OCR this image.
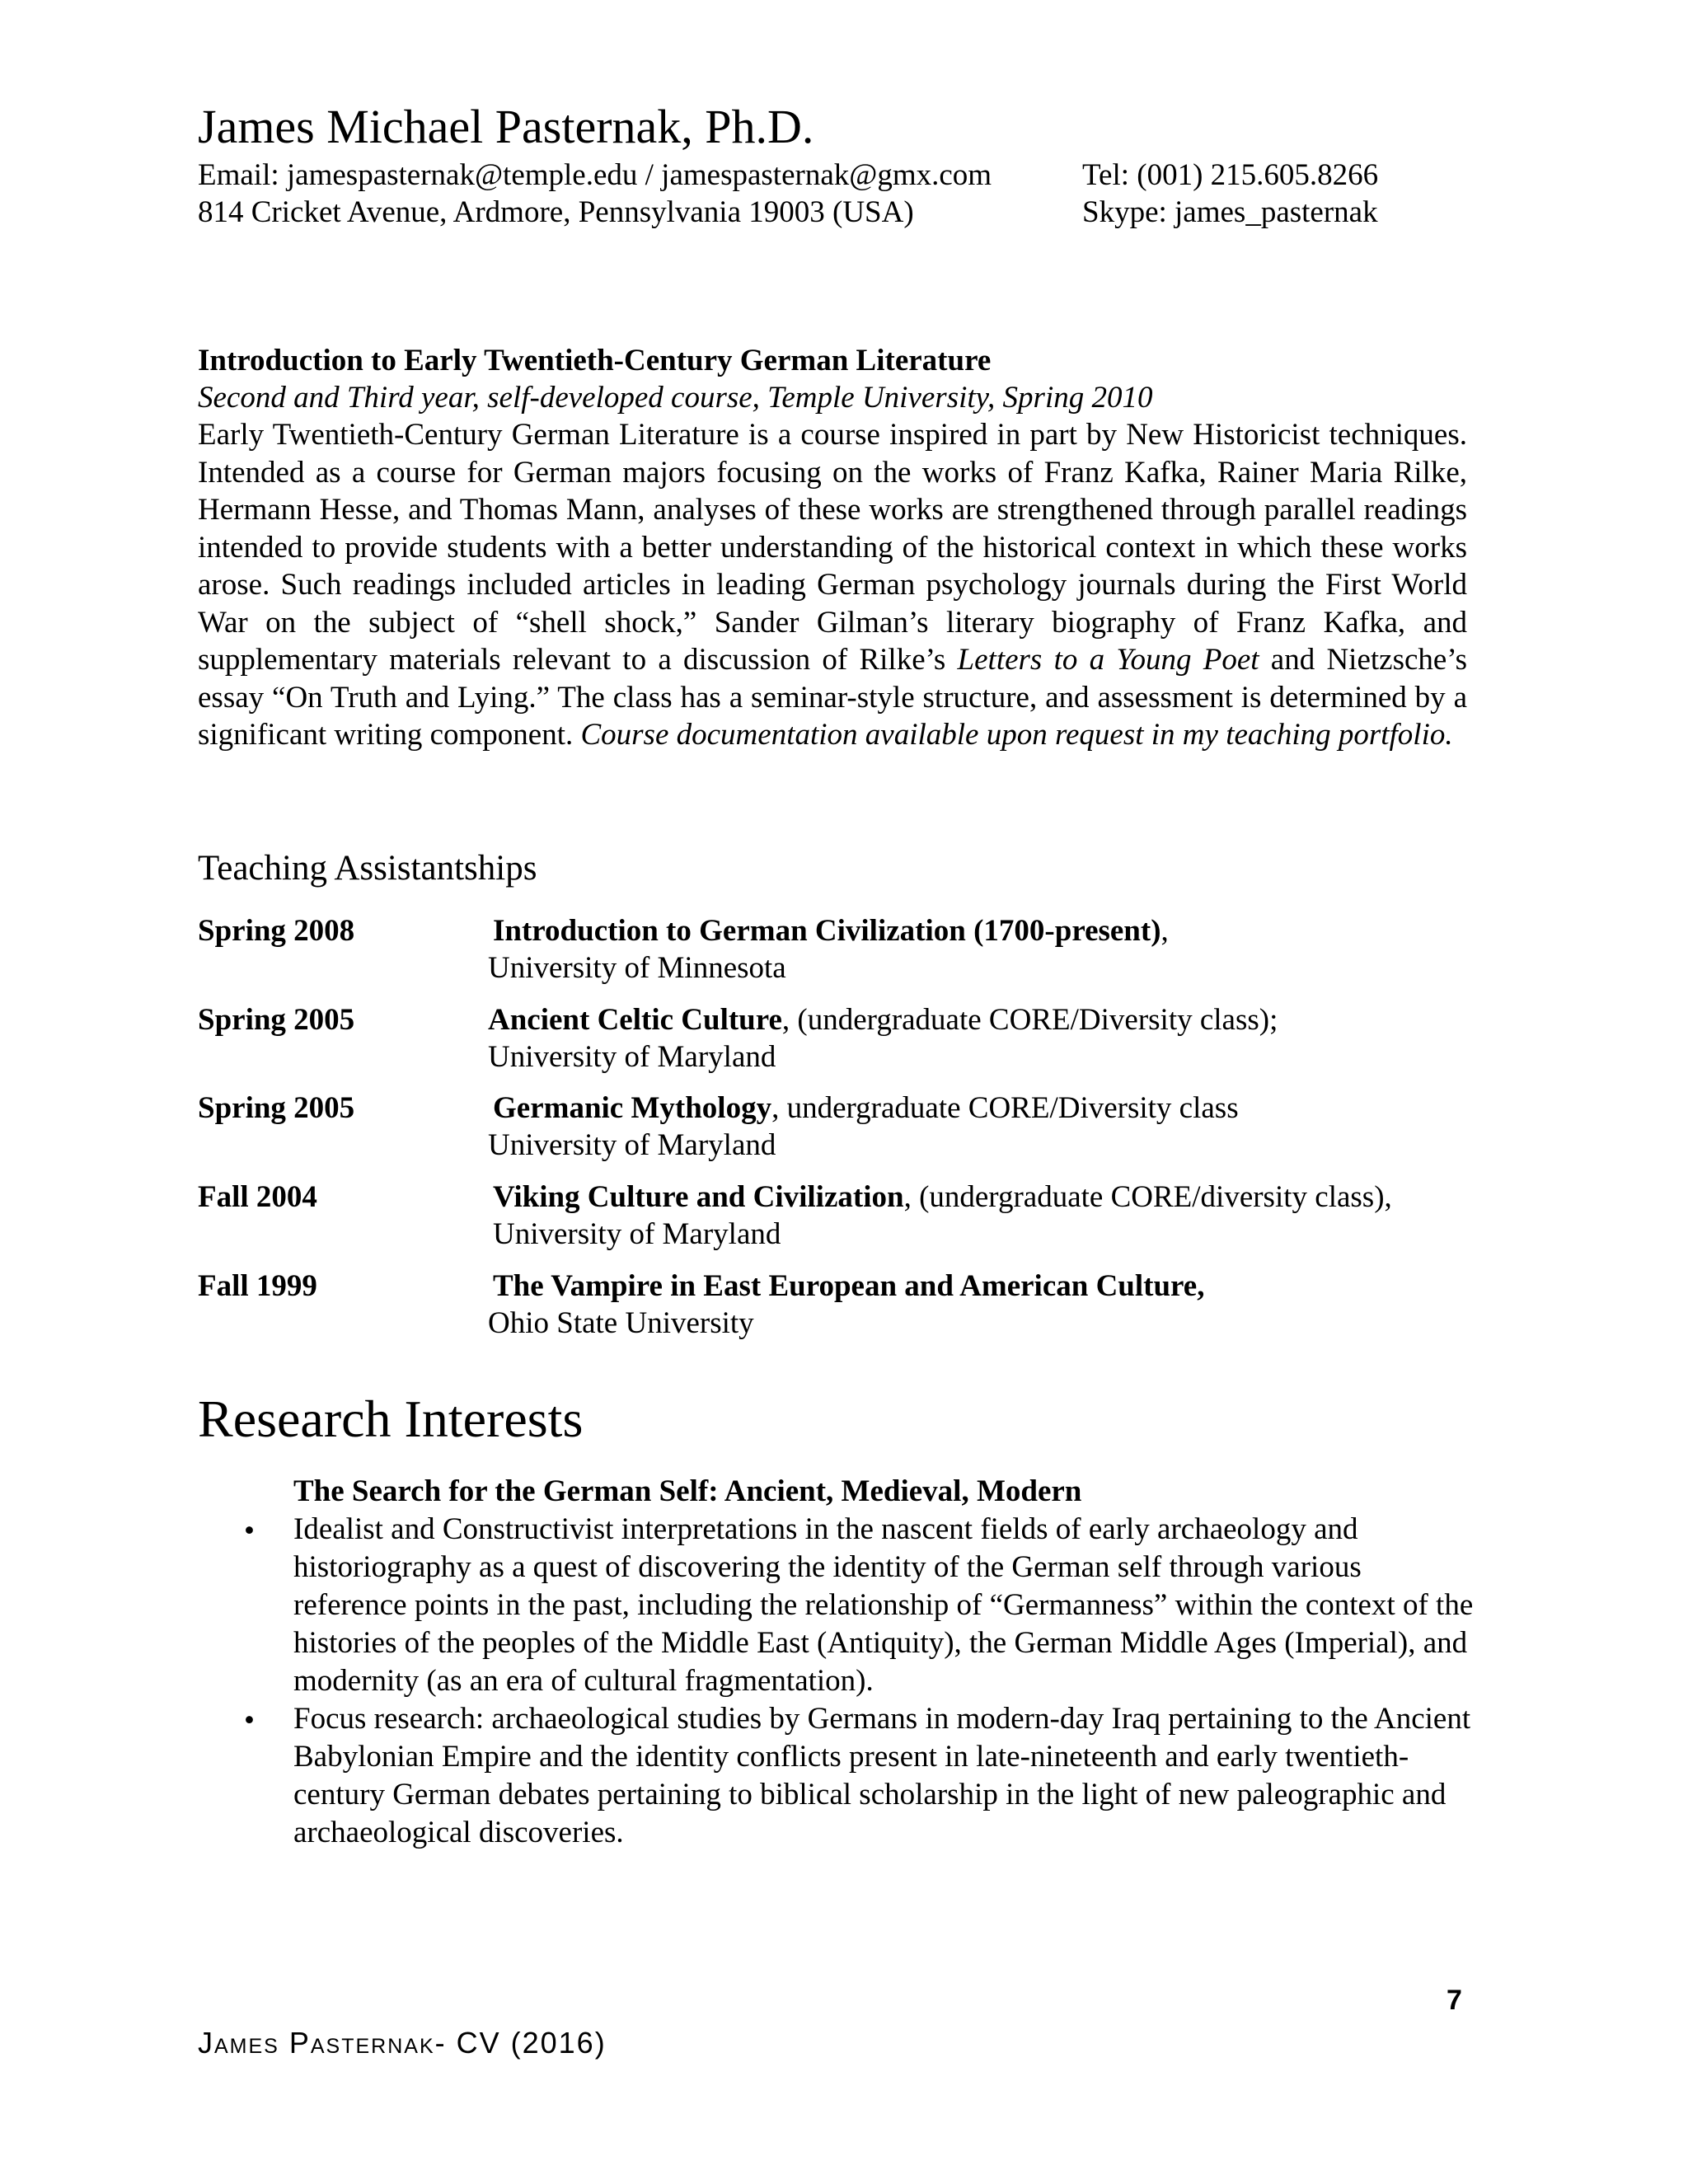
James Michael Pasternak, Ph.D.
Email: jamespasternak@temple.edu / jamespasternak@gmx.com	Tel: (001) 215.605.8266
814 Cricket Avenue, Ardmore, Pennsylvania 19003 (USA)	Skype: james_pasternak
Introduction to Early Twentieth-Century German Literature
Second and Third year, self-developed course, Temple University, Spring 2010
Early Twentieth-Century German Literature is a course inspired in part by New Historicist techniques. Intended as a course for German majors focusing on the works of Franz Kafka, Rainer Maria Rilke, Hermann Hesse, and Thomas Mann, analyses of these works are strengthened through parallel readings intended to provide students with a better understanding of the historical context in which these works arose. Such readings included articles in leading German psychology journals during the First World War on the subject of “shell shock,” Sander Gilman’s literary biography of Franz Kafka, and supplementary materials relevant to a discussion of Rilke’s Letters to a Young Poet and Nietzsche’s essay “On Truth and Lying.” The class has a seminar-style structure, and assessment is determined by a significant writing component. Course documentation available upon request in my teaching portfolio.
Teaching Assistantships
Spring 2008	Introduction to German Civilization (1700-present),
University of Minnesota
Spring 2005	Ancient Celtic Culture, (undergraduate CORE/Diversity class);
University of Maryland
Spring 2005	Germanic Mythology, undergraduate CORE/Diversity class
University of Maryland
Fall 2004	Viking Culture and Civilization, (undergraduate CORE/diversity class),
University of Maryland
Fall 1999	The Vampire in East European and American Culture,
Ohio State University
Research Interests
The Search for the German Self: Ancient, Medieval, Modern
• Idealist and Constructivist interpretations in the nascent fields of early archaeology and historiography as a quest of discovering the identity of the German self through various reference points in the past, including the relationship of “Germanness” within the context of the histories of the peoples of the Middle East (Antiquity), the German Middle Ages (Imperial), and modernity (as an era of cultural fragmentation).
• Focus research: archaeological studies by Germans in modern-day Iraq pertaining to the Ancient Babylonian Empire and the identity conflicts present in late-nineteenth and early twentieth-century German debates pertaining to biblical scholarship in the light of new paleographic and archaeological discoveries.
7
James Pasternak- CV (2016)
